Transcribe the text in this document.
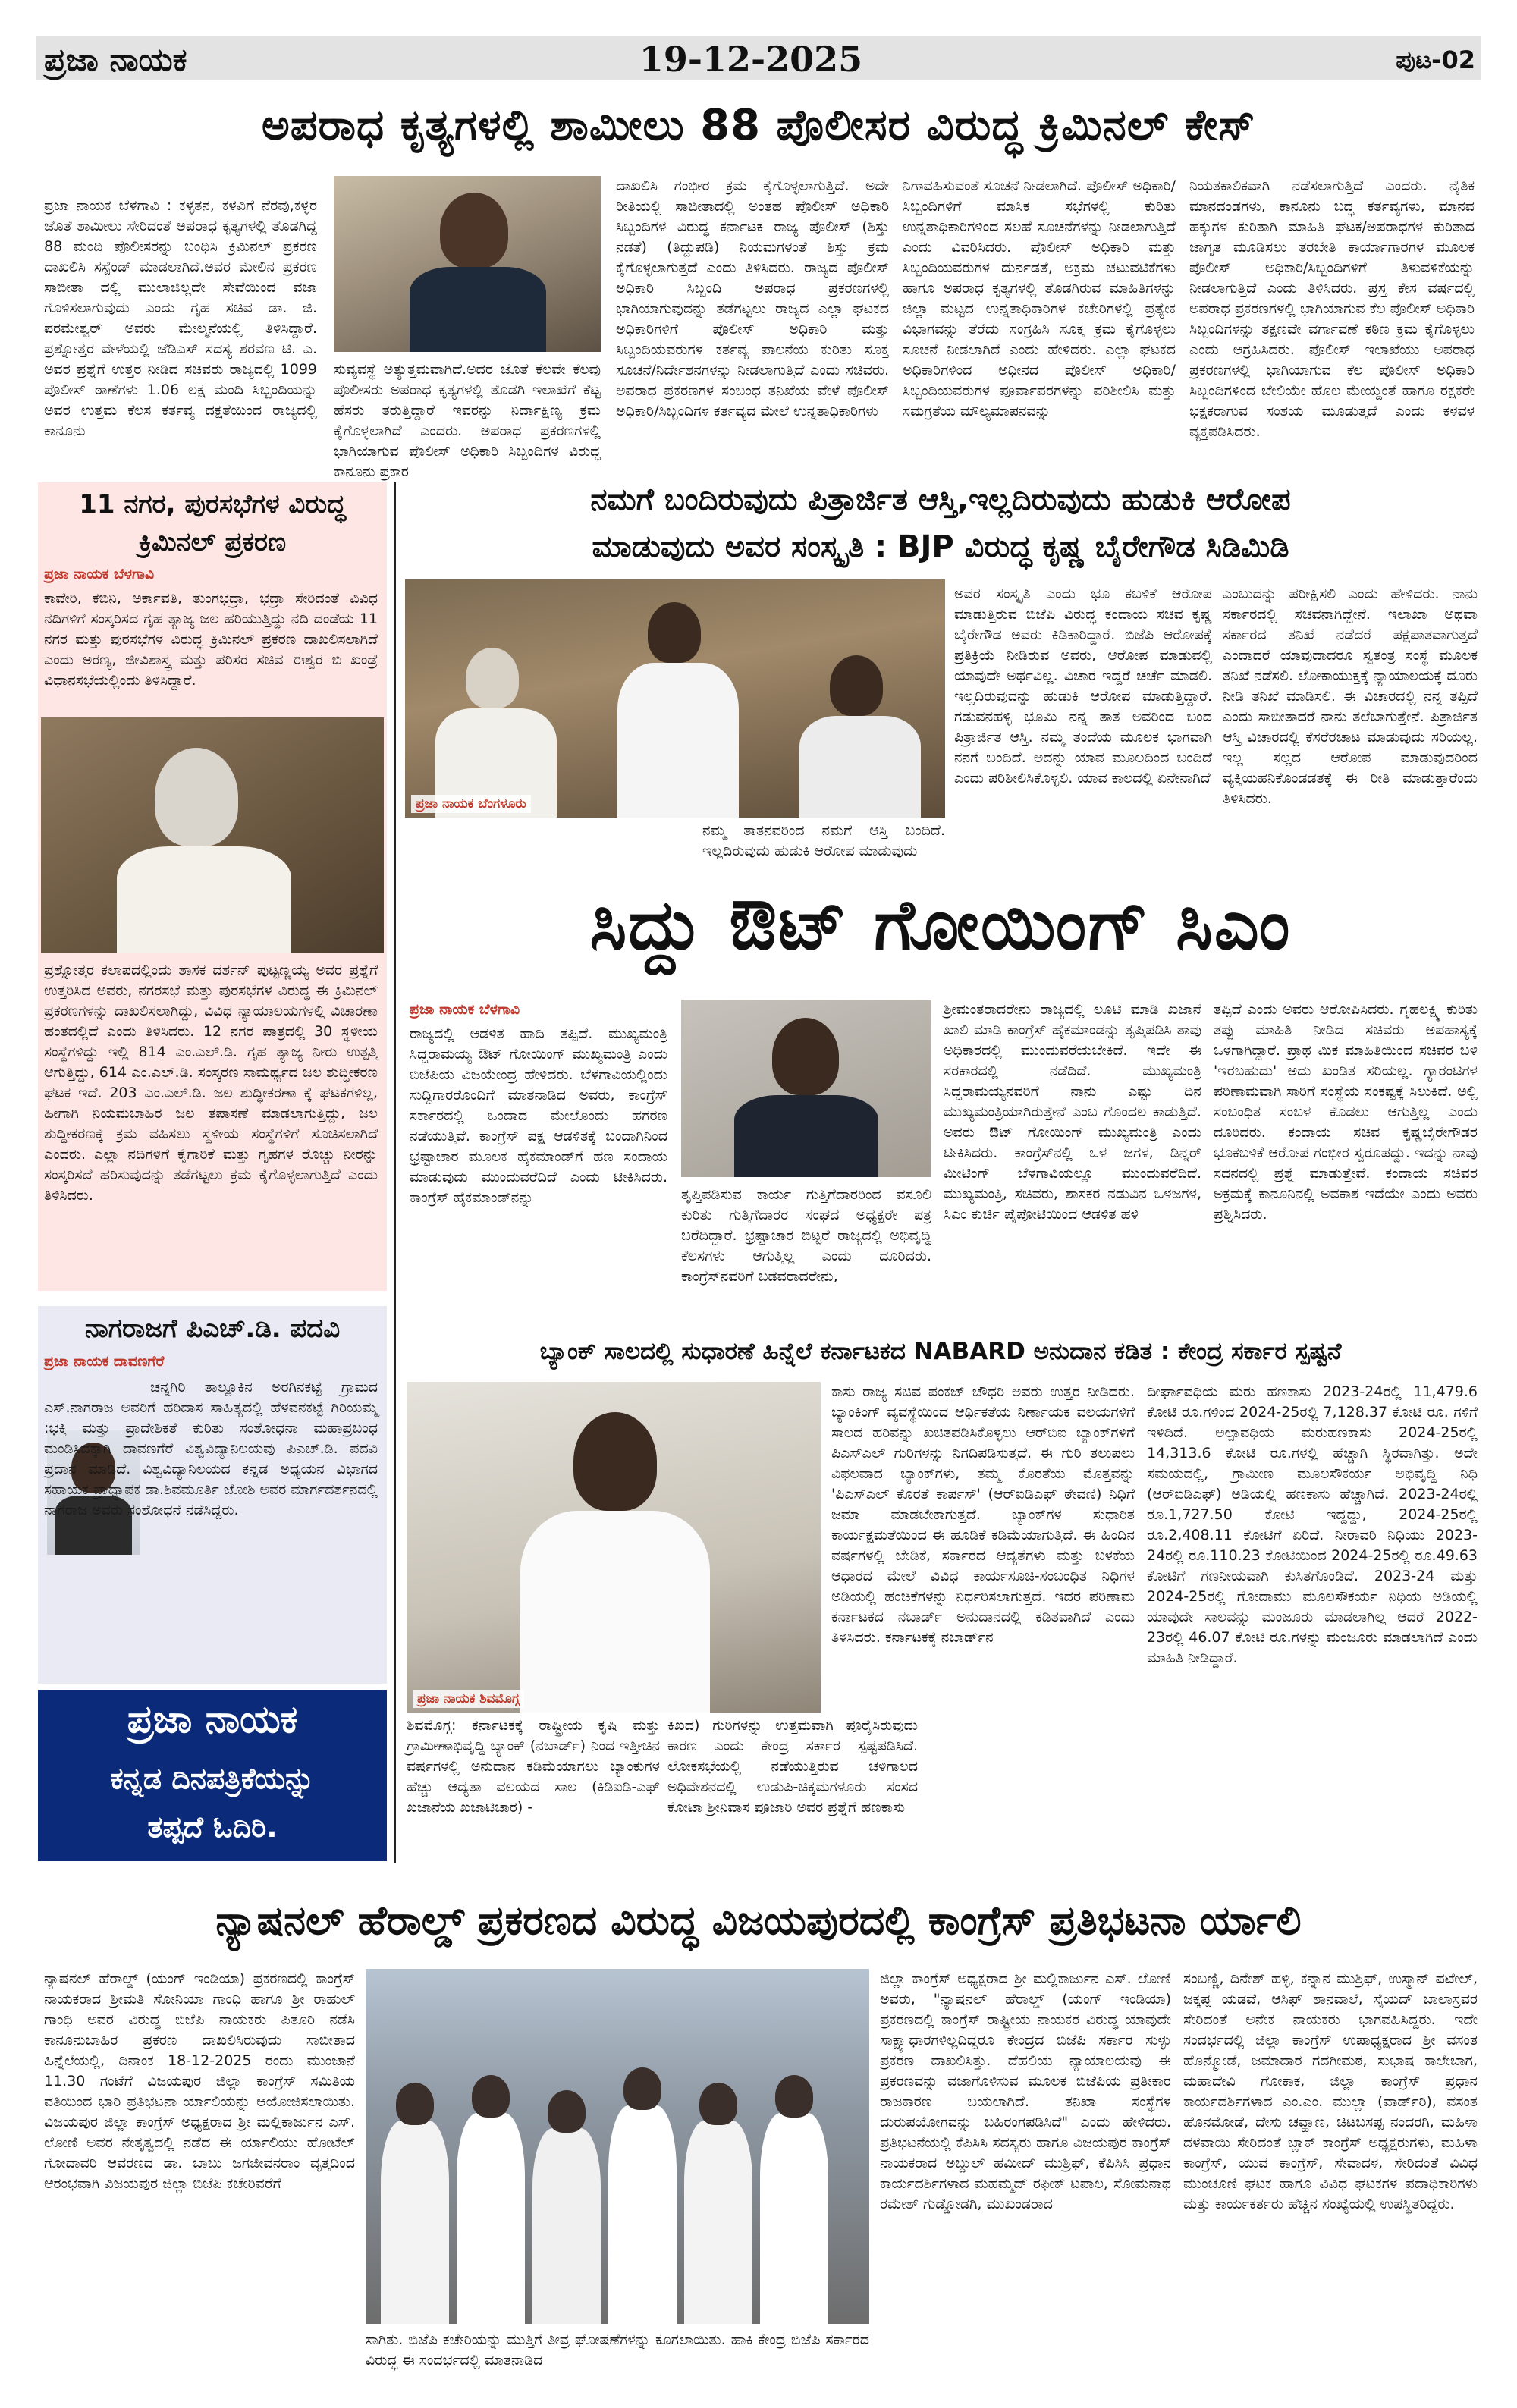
ಪ್ರಜಾ ನಾಯಕ	19-12-2025	ಪುಟ-02
ಅಪರಾಧ ಕೃತ್ಯಗಳಲ್ಲಿ ಶಾಮೀಲು 88 ಪೊಲೀಸರ ವಿರುದ್ಧ ಕ್ರಿಮಿನಲ್ ಕೇಸ್
ಪ್ರಜಾ ನಾಯಕ ಬೆಳಗಾವಿ : ಕಳ್ಳತನ, ಕಳವಿಗೆ ನೆರವು,ಕಳ್ಳರ ಜೊತೆ ಶಾಮೀಲು ಸೇರಿದಂತೆ ಅಪರಾಧ ಕೃತ್ಯಗಳಲ್ಲಿ ತೊಡಗಿದ್ದ 88 ಮಂದಿ ಪೊಲೀಸರನ್ನು ಬಂಧಿಸಿ ಕ್ರಿಮಿನಲ್ ಪ್ರಕರಣ ದಾಖಲಿಸಿ ಸಸ್ಪೆಂಡ್ ಮಾಡಲಾಗಿದೆ.ಅವರ ಮೇಲಿನ ಪ್ರಕರಣ ಸಾಬೀತಾ ದಲ್ಲಿ ಮುಲಾಜಿಲ್ಲದೇ ಸೇವೆಯಿಂದ ವಜಾ ಗೊಳಿಸಲಾಗುವುದು ಎಂದು ಗೃಹ ಸಚಿವ ಡಾ. ಜಿ. ಪರಮೇಶ್ವರ್ ಅವರು ಮೇಲ್ಮನೆಯಲ್ಲಿ ತಿಳಿಸಿದ್ದಾರೆ. ಪ್ರಶ್ನೋತ್ತರ ವೇಳೆಯಲ್ಲಿ ಜೆಡಿಎಸ್ ಸದಸ್ಯ ಶರವಣ ಟಿ. ಎ. ಅವರ ಪ್ರಶ್ನೆಗೆ ಉತ್ತರ ನೀಡಿದ ಸಚಿವರು ರಾಜ್ಯದಲ್ಲಿ 1099 ಪೊಲೀಸ್ ಠಾಣೆಗಳು 1.06 ಲಕ್ಷ ಮಂದಿ ಸಿಬ್ಬಂದಿಯನ್ನು ಅವರ ಉತ್ತಮ ಕೆಲಸ ಕರ್ತವ್ಯ ದಕ್ಷತೆಯಿಂದ ರಾಜ್ಯದಲ್ಲಿ ಕಾನೂನು
ಸುವ್ಯವಸ್ಥೆ ಅತ್ಯುತ್ತಮವಾಗಿದೆ.ಅದರ ಜೊತೆ ಕೆಲವೇ ಕೆಲವು ಪೊಲೀಸರು ಅಪರಾಧ ಕೃತ್ಯಗಳಲ್ಲಿ ತೊಡಗಿ ಇಲಾಖೆಗೆ ಕೆಟ್ಟ ಹೆಸರು ತರುತ್ತಿದ್ದಾರೆ ಇವರನ್ನು ನಿರ್ದಾಕ್ಷಿಣ್ಯ ಕ್ರಮ ಕೈಗೊಳ್ಳಲಾಗಿದೆ ಎಂದರು. ಅಪರಾಧ ಪ್ರಕರಣಗಳಲ್ಲಿ ಭಾಗಿಯಾಗುವ ಪೊಲೀಸ್ ಅಧಿಕಾರಿ ಸಿಬ್ಬಂದಿಗಳ ವಿರುದ್ಧ ಕಾನೂನು ಪ್ರಕಾರ
ದಾಖಲಿಸಿ ಗಂಭೀರ ಕ್ರಮ ಕೈಗೊಳ್ಳಲಾಗುತ್ತಿದೆ. ಅದೇ ರೀತಿಯಲ್ಲಿ ಸಾಬೀತಾದಲ್ಲಿ ಅಂತಹ ಪೊಲೀಸ್ ಅಧಿಕಾರಿ ಸಿಬ್ಬಂದಿಗಳ ವಿರುದ್ಧ ಕರ್ನಾಟಕ ರಾಜ್ಯ ಪೊಲೀಸ್ (ಶಿಸ್ತು ನಡತೆ) (ತಿದ್ದುಪಡಿ) ನಿಯಮಗಳಂತೆ ಶಿಸ್ತು ಕ್ರಮ ಕೈಗೊಳ್ಳಲಾಗುತ್ತದೆ ಎಂದು ತಿಳಿಸಿದರು. ರಾಜ್ಯದ ಪೊಲೀಸ್ ಅಧಿಕಾರಿ ಸಿಬ್ಬಂದಿ ಅಪರಾಧ ಪ್ರಕರಣಗಳಲ್ಲಿ ಭಾಗಿಯಾಗುವುದನ್ನು ತಡೆಗಟ್ಟಲು ರಾಜ್ಯದ ಎಲ್ಲಾ ಘಟಕದ ಅಧಿಕಾರಿಗಳಿಗೆ ಪೊಲೀಸ್ ಅಧಿಕಾರಿ ಮತ್ತು ಸಿಬ್ಬಂದಿಯವರುಗಳ ಕರ್ತವ್ಯ ಪಾಲನೆಯ ಕುರಿತು ಸೂಕ್ತ ಸೂಚನೆ/ನಿರ್ದೇಶನಗಳನ್ನು ನೀಡಲಾಗುತ್ತಿದೆ ಎಂದು ಸಚಿವರು. ಅಪರಾಧ ಪ್ರಕರಣಗಳ ಸಂಬಂಧ ತನಿಖೆಯ ವೇಳೆ ಪೊಲೀಸ್ ಅಧಿಕಾರಿ/ಸಿಬ್ಬಂದಿಗಳ ಕರ್ತವ್ಯದ ಮೇಲೆ ಉನ್ನತಾಧಿಕಾರಿಗಳು
ನಿಗಾವಹಿಸುವಂತೆ ಸೂಚನೆ ನೀಡಲಾಗಿದೆ. ಪೊಲೀಸ್ ಅಧಿಕಾರಿ/ಸಿಬ್ಬಂದಿಗಳಿಗೆ ಮಾಸಿಕ ಸಭೆಗಳಲ್ಲಿ ಕುರಿತು ಉನ್ನತಾಧಿಕಾರಿಗಳಿಂದ ಸಲಹೆ ಸೂಚನೆಗಳನ್ನು ನೀಡಲಾಗುತ್ತಿದೆ ಎಂದು ವಿವರಿಸಿದರು. ಪೊಲೀಸ್ ಅಧಿಕಾರಿ ಮತ್ತು ಸಿಬ್ಬಂದಿಯವರುಗಳ ದುರ್ನಡತೆ, ಅಕ್ರಮ ಚಟುವಟಿಕೆಗಳು ಹಾಗೂ ಅಪರಾಧ ಕೃತ್ಯಗಳಲ್ಲಿ ತೊಡಗಿರುವ ಮಾಹಿತಿಗಳನ್ನು ಜಿಲ್ಲಾ ಮಟ್ಟದ ಉನ್ನತಾಧಿಕಾರಿಗಳ ಕಚೇರಿಗಳಲ್ಲಿ ಪ್ರತ್ಯೇಕ ವಿಭಾಗವನ್ನು ತೆರೆದು ಸಂಗ್ರಹಿಸಿ ಸೂಕ್ತ ಕ್ರಮ ಕೈಗೊಳ್ಳಲು ಸೂಚನೆ ನೀಡಲಾಗಿದೆ ಎಂದು ಹೇಳಿದರು. ಎಲ್ಲಾ ಘಟಕದ ಅಧಿಕಾರಿಗಳಿಂದ ಅಧೀನದ ಪೊಲೀಸ್ ಅಧಿಕಾರಿ/ಸಿಬ್ಬಂದಿಯವರುಗಳ ಪೂರ್ವಾಪರಗಳನ್ನು ಪರಿಶೀಲಿಸಿ ಮತ್ತು ಸಮಗ್ರತೆಯ ಮೌಲ್ಯಮಾಪನವನ್ನು
ನಿಯತಕಾಲಿಕವಾಗಿ ನಡೆಸಲಾಗುತ್ತಿದೆ ಎಂದರು. ನೈತಿಕ ಮಾನದಂಡಗಳು, ಕಾನೂನು ಬದ್ಧ ಕರ್ತವ್ಯಗಳು, ಮಾನವ ಹಕ್ಕುಗಳ ಕುರಿತಾಗಿ ಮಾಹಿತಿ ಘಟಕ/ಅಪರಾಧಗಳ ಕುರಿತಾದ ಜಾಗೃತ ಮೂಡಿಸಲು ತರಬೇತಿ ಕಾರ್ಯಾಗಾರಗಳ ಮೂಲಕ ಪೊಲೀಸ್ ಅಧಿಕಾರಿ/ಸಿಬ್ಬಂದಿಗಳಿಗೆ ತಿಳುವಳಿಕೆಯನ್ನು ನೀಡಲಾಗುತ್ತಿದೆ ಎಂದು ತಿಳಿಸಿದರು. ಪ್ರಸ್ತ ಕೇಸ ವರ್ಷದಲ್ಲಿ ಅಪರಾಧ ಪ್ರಕರಣಗಳಲ್ಲಿ ಭಾಗಿಯಾಗುವ ಕೆಲ ಪೊಲೀಸ್ ಅಧಿಕಾರಿ ಸಿಬ್ಬಂದಿಗಳನ್ನು ತಕ್ಷಣವೇ ವರ್ಗಾವಣೆ ಕಠಿಣ ಕ್ರಮ ಕೈಗೊಳ್ಳಲು ಎಂದು ಆಗ್ರಹಿಸಿದರು. ಪೊಲೀಸ್ ಇಲಾಖೆಯು ಅಪರಾಧ ಪ್ರಕರಣಗಳಲ್ಲಿ ಭಾಗಿಯಾಗುವ ಕೆಲ ಪೊಲೀಸ್ ಅಧಿಕಾರಿ ಸಿಬ್ಬಂದಿಗಳಿಂದ ಬೇಲಿಯೇ ಹೊಲ ಮೇಯ್ದಂತೆ ಹಾಗೂ ರಕ್ಷಕರೇ ಭಕ್ಷಕರಾಗುವ ಸಂಶಯ ಮೂಡುತ್ತದೆ ಎಂದು ಕಳವಳ ವ್ಯಕ್ತಪಡಿಸಿದರು.
11 ನಗರ, ಪುರಸಭೆಗಳ ವಿರುದ್ಧ
ಕ್ರಿಮಿನಲ್ ಪ್ರಕರಣ
ಪ್ರಜಾ ನಾಯಕ ಬೆಳಗಾವಿ
ಕಾವೇರಿ, ಕಬಿನಿ, ಅರ್ಕಾವತಿ, ತುಂಗಭದ್ರಾ, ಭದ್ರಾ ಸೇರಿದಂತೆ ವಿವಿಧ ನದಿಗಳಿಗೆ ಸಂಸ್ಕರಿಸದ ಗೃಹ ತ್ಯಾಜ್ಯ ಜಲ ಹರಿಯುತ್ತಿದ್ದು ನದಿ ದಂಡೆಯ 11 ನಗರ ಮತ್ತು ಪುರಸಭೆಗಳ ವಿರುದ್ಧ ಕ್ರಿಮಿನಲ್ ಪ್ರಕರಣ ದಾಖಲಿಸಲಾಗಿದೆ ಎಂದು ಅರಣ್ಯ, ಜೀವಿಶಾಸ್ತ್ರ ಮತ್ತು ಪರಿಸರ ಸಚಿವ ಈಶ್ವರ ಬಿ ಖಂಡ್ರೆ ವಿಧಾನಸಭೆಯಲ್ಲಿಂದು ತಿಳಿಸಿದ್ದಾರೆ.
ಪ್ರಶ್ನೋತ್ತರ ಕಲಾಪದಲ್ಲಿಂದು ಶಾಸಕ ದರ್ಶನ್ ಪುಟ್ಟಣ್ಣಯ್ಯ ಅವರ ಪ್ರಶ್ನೆಗೆ ಉತ್ತರಿಸಿದ ಅವರು, ನಗರಸಭೆ ಮತ್ತು ಪುರಸಭೆಗಳ ವಿರುದ್ಧ ಈ ಕ್ರಿಮಿನಲ್ ಪ್ರಕರಣಗಳನ್ನು ದಾಖಲಿಸಲಾಗಿದ್ದು, ವಿವಿಧ ನ್ಯಾಯಾಲಯಗಳಲ್ಲಿ ವಿಚಾರಣಾ ಹಂತದಲ್ಲಿದೆ ಎಂದು ತಿಳಿಸಿದರು. 12 ನಗರ ಪಾತ್ರದಲ್ಲಿ 30 ಸ್ಥಳೀಯ ಸಂಸ್ಥೆಗಳಿದ್ದು ಇಲ್ಲಿ 814 ಎಂ.ಎಲ್.ಡಿ. ಗೃಹ ತ್ಯಾಜ್ಯ ನೀರು ಉತ್ಪತ್ತಿ ಆಗುತ್ತಿದ್ದು, 614 ಎಂ.ಎಲ್.ಡಿ. ಸಂಸ್ಕರಣ ಸಾಮರ್ಥ್ಯದ ಜಲ ಶುದ್ಧೀಕರಣ ಘಟಕ ಇದೆ. 203 ಎಂ.ಎಲ್.ಡಿ. ಜಲ ಶುದ್ಧೀಕರಣಾ ಕ್ಕೆ ಘಟಕಗಳಿಲ್ಲ, ಹೀಗಾಗಿ ನಿಯಮಬಾಹಿರ ಜಲ ತಪಾಸಣೆ ಮಾಡಲಾಗುತ್ತಿದ್ದು, ಜಲ ಶುದ್ಧೀಕರಣಕ್ಕೆ ಕ್ರಮ ವಹಿಸಲು ಸ್ಥಳೀಯ ಸಂಸ್ಥೆಗಳಿಗೆ ಸೂಚಿಸಲಾಗಿದೆ ಎಂದರು. ಎಲ್ಲಾ ನದಿಗಳಿಗೆ ಕೈಗಾರಿಕೆ ಮತ್ತು ಗೃಹಗಳ ರೊಚ್ಚು ನೀರನ್ನು ಸಂಸ್ಕರಿಸದೆ ಹರಿಸುವುದನ್ನು ತಡೆಗಟ್ಟಲು ಕ್ರಮ ಕೈಗೊಳ್ಳಲಾಗುತ್ತಿದೆ ಎಂದು ತಿಳಿಸಿದರು.
ನಾಗರಾಜಗೆ ಪಿಎಚ್.ಡಿ. ಪದವಿ
ಪ್ರಜಾ ನಾಯಕ ದಾವಣಗೆರೆ
ಚನ್ನಗಿರಿ ತಾಲ್ಲೂಕಿನ ಅರಗಿನಕಟ್ಟೆ ಗ್ರಾಮದ ಎಸ್.ನಾಗರಾಜ ಅವರಿಗೆ ಹರಿದಾಸ ಸಾಹಿತ್ಯದಲ್ಲಿ ಹೆಳವನಕಟ್ಟೆ ಗಿರಿಯಮ್ಮ :ಭಕ್ತಿ ಮತ್ತು ಪ್ರಾದೇಶಿಕತೆ ಕುರಿತು ಸಂಶೋಧನಾ ಮಹಾಪ್ರಬಂಧ ಮಂಡಿಸಿದಕ್ಕಾಗಿ ದಾವಣಗೆರೆ ವಿಶ್ವವಿದ್ಯಾನಿಲಯವು ಪಿಎಚ್.ಡಿ. ಪದವಿ ಪ್ರದಾನ ಮಾಡಿದೆ. ವಿಶ್ವವಿದ್ಯಾನಿಲಯದ ಕನ್ನಡ ಅಧ್ಯಯನ ವಿಭಾಗದ ಸಹಾಯಕ ಪ್ರಾಧ್ಯಾಪಕ ಡಾ.ಶಿವಮೂರ್ತಿ ಜೋಶಿ ಅವರ ಮಾರ್ಗದರ್ಶನದಲ್ಲಿ ನಾಗರಾಜ ಅವರು ಸಂಶೋಧನೆ ನಡೆಸಿದ್ದರು.
ಪ್ರಜಾ ನಾಯಕ
ಕನ್ನಡ ದಿನಪತ್ರಿಕೆಯನ್ನು
ತಪ್ಪದೆ ಓದಿರಿ.
ನಮಗೆ ಬಂದಿರುವುದು ಪಿತ್ರಾರ್ಜಿತ ಆಸ್ತಿ,ಇಲ್ಲದಿರುವುದು ಹುಡುಕಿ ಆರೋಪ
ಮಾಡುವುದು ಅವರ ಸಂಸ್ಕೃತಿ : BJP ವಿರುದ್ಧ ಕೃಷ್ಣ ಬೈರೇಗೌಡ ಸಿಡಿಮಿಡಿ
ಪ್ರಜಾ ನಾಯಕ ಬೆಂಗಳೂರು
ನಮ್ಮ ತಾತನವರಿಂದ ನಮಗೆ ಆಸ್ತಿ ಬಂದಿದೆ. ಇಲ್ಲದಿರುವುದು ಹುಡುಕಿ ಆರೋಪ ಮಾಡುವುದು
ಅವರ ಸಂಸ್ಕೃತಿ ಎಂದು ಭೂ ಕಬಳಿಕೆ ಆರೋಪ ಮಾಡುತ್ತಿರುವ ಬಿಜೆಪಿ ವಿರುದ್ಧ ಕಂದಾಯ ಸಚಿವ ಕೃಷ್ಣ ಬೈರೇಗೌಡ ಅವರು ಕಿಡಿಕಾರಿದ್ದಾರೆ. ಬಿಜೆಪಿ ಆರೋಪಕ್ಕೆ ಪ್ರತಿಕ್ರಿಯೆ ನೀಡಿರುವ ಅವರು, ಆರೋಪ ಮಾಡುವಲ್ಲಿ ಯಾವುದೇ ಅರ್ಥವಿಲ್ಲ. ವಿಚಾರ ಇದ್ದರೆ ಚರ್ಚೆ ಮಾಡಲಿ. ಇಲ್ಲದಿರುವುದನ್ನು ಹುಡುಕಿ ಆರೋಪ ಮಾಡುತ್ತಿದ್ದಾರೆ. ಗಡುವನಹಳ್ಳಿ ಭೂಮಿ ನನ್ನ ತಾತ ಅವರಿಂದ ಬಂದ ಪಿತ್ರಾರ್ಜಿತ ಆಸ್ತಿ. ನಮ್ಮ ತಂದೆಯ ಮೂಲಕ ಭಾಗವಾಗಿ ನನಗೆ ಬಂದಿದೆ. ಅದನ್ನು ಯಾವ ಮೂಲದಿಂದ ಬಂದಿದೆ ಎಂದು ಪರಿಶೀಲಿಸಿಕೊಳ್ಳಲಿ. ಯಾವ ಕಾಲದಲ್ಲಿ ಏನೇನಾಗಿದೆ
ಎಂಬುದನ್ನು ಪರೀಕ್ಷಿಸಲಿ ಎಂದು ಹೇಳಿದರು. ನಾನು ಸರ್ಕಾರದಲ್ಲಿ ಸಚಿವನಾಗಿದ್ದೇನೆ. ಇಲಾಖಾ ಅಥವಾ ಸರ್ಕಾರದ ತನಿಖೆ ನಡೆದರೆ ಪಕ್ಷಪಾತವಾಗುತ್ತದೆ ಎಂದಾದರೆ ಯಾವುದಾದರೂ ಸ್ವತಂತ್ರ ಸಂಸ್ಥೆ ಮೂಲಕ ತನಿಖೆ ನಡೆಸಲಿ. ಲೋಕಾಯುಕ್ತಕ್ಕೆ ನ್ಯಾಯಾಲಯಕ್ಕೆ ದೂರು ನೀಡಿ ತನಿಖೆ ಮಾಡಿಸಲಿ. ಈ ವಿಚಾರದಲ್ಲಿ ನನ್ನ ತಪ್ಪಿದೆ ಎಂದು ಸಾಬೀತಾದರೆ ನಾನು ತಲೆಬಾಗುತ್ತೇನೆ. ಪಿತ್ರಾರ್ಜಿತ ಆಸ್ತಿ ವಿಚಾರದಲ್ಲಿ ಕೆಸರೆರಚಾಟ ಮಾಡುವುದು ಸರಿಯಲ್ಲ. ಇಲ್ಲ ಸಲ್ಲದ ಆರೋಪ ಮಾಡುವುದರಿಂದ ವ್ಯಕ್ತಿಯಹನಿಕೊಂಡಡತಕ್ಕೆ ಈ ರೀತಿ ಮಾಡುತ್ತಾರೆಂದು ತಿಳಿಸಿದರು.
ಸಿದ್ದು ಔಟ್ ಗೋಯಿಂಗ್ ಸಿಎಂ
ಪ್ರಜಾ ನಾಯಕ ಬೆಳಗಾವಿ
ರಾಜ್ಯದಲ್ಲಿ ಆಡಳಿತ ಹಾದಿ ತಪ್ಪಿದೆ. ಮುಖ್ಯಮಂತ್ರಿ ಸಿದ್ದರಾಮಯ್ಯ ಔಟ್ ಗೋಯಿಂಗ್ ಮುಖ್ಯಮಂತ್ರಿ ಎಂದು ಬಿಜೆಪಿಯ ವಿಜಯೇಂದ್ರ ಹೇಳಿದರು. ಬೆಳಗಾವಿಯಲ್ಲಿಂದು ಸುದ್ದಿಗಾರರೊಂದಿಗೆ ಮಾತನಾಡಿದ ಅವರು, ಕಾಂಗ್ರೆಸ್ ಸರ್ಕಾರದಲ್ಲಿ ಒಂದಾದ ಮೇಲೊಂದು ಹಗರಣ ನಡೆಯುತ್ತಿವೆ. ಕಾಂಗ್ರೆಸ್ ಪಕ್ಷ ಆಡಳಿತಕ್ಕೆ ಬಂದಾಗಿನಿಂದ ಭ್ರಷ್ಟಾಚಾರ ಮೂಲಕ ಹೈಕಮಾಂಡ್‌ಗೆ ಹಣ ಸಂದಾಯ ಮಾಡುವುದು ಮುಂದುವರೆದಿದೆ ಎಂದು ಟೀಕಿಸಿದರು. ಕಾಂಗ್ರೆಸ್ ಹೈಕಮಾಂಡ್‌ನನ್ನು	ತೃಪ್ತಿಪಡಿಸುವ ಕಾರ್ಯ ಗುತ್ತಿಗೆದಾರರಿಂದ ವಸೂಲಿ ಕುರಿತು ಗುತ್ತಿಗೆದಾರರ ಸಂಘದ ಅಧ್ಯಕ್ಷರೇ ಪತ್ರ ಬರೆದಿದ್ದಾರೆ. ಭ್ರಷ್ಟಾಚಾರ ಬಿಟ್ಟರೆ ರಾಜ್ಯದಲ್ಲಿ ಅಭಿವೃದ್ಧಿ ಕೆಲಸಗಳು ಆಗುತ್ತಿಲ್ಲ ಎಂದು ದೂರಿದರು. ಕಾಂಗ್ರೆಸ್‌ನವರಿಗೆ ಬಡವರಾದರೇನು,
ಶ್ರೀಮಂತರಾದರೇನು ರಾಜ್ಯದಲ್ಲಿ ಲೂಟಿ ಮಾಡಿ ಖಜಾನೆ ಖಾಲಿ ಮಾಡಿ ಕಾಂಗ್ರೆಸ್ ಹೈಕಮಾಂಡನ್ನು ತೃಪ್ತಿಪಡಿಸಿ ತಾವು ಅಧಿಕಾರದಲ್ಲಿ ಮುಂದುವರೆಯಬೇಕಿದೆ. ಇದೇ ಈ ಸರಕಾರದಲ್ಲಿ ನಡೆದಿದೆ. ಮುಖ್ಯಮಂತ್ರಿ ಸಿದ್ದರಾಮಯ್ಯನವರಿಗೆ ನಾನು ಎಷ್ಟು ದಿನ ಮುಖ್ಯಮಂತ್ರಿಯಾಗಿರುತ್ತೇನೆ ಎಂಬ ಗೊಂದಲ ಕಾಡುತ್ತಿದೆ. ಅವರು ಔಟ್ ಗೋಯಿಂಗ್ ಮುಖ್ಯಮಂತ್ರಿ ಎಂದು ಟೀಕಿಸಿದರು. ಕಾಂಗ್ರೆಸ್‌ನಲ್ಲಿ ಒಳ ಜಗಳ, ಡಿನ್ನರ್ ಮೀಟಿಂಗ್ ಬೆಳಗಾವಿಯಲ್ಲೂ ಮುಂದುವರೆದಿದೆ. ಮುಖ್ಯಮಂತ್ರಿ, ಸಚಿವರು, ಶಾಸಕರ ನಡುವಿನ ಒಳಜಗಳ, ಸಿಎಂ ಕುರ್ಚಿ ಪೈಪೋಟಿಯಿಂದ ಆಡಳಿತ ಹಳಿ
ತಪ್ಪಿದೆ ಎಂದು ಅವರು ಆರೋಪಿಸಿದರು. ಗೃಹಲಕ್ಷ್ಮಿ ಕುರಿತು ತಪ್ಪು ಮಾಹಿತಿ ನೀಡಿದ ಸಚಿವರು ಅಪಹಾಸ್ಯಕ್ಕೆ ಒಳಗಾಗಿದ್ದಾರೆ. ಪ್ರಾಥ ಮಿಕ ಮಾಹಿತಿಯಿಂದ ಸಚಿವರ ಬಳಿ 'ಇರಬಹುದು' ಅದು ಖಂಡಿತ ಸರಿಯಲ್ಲ. ಗ್ಯಾರಂಟಿಗಳ ಪರಿಣಾಮವಾಗಿ ಸಾರಿಗೆ ಸಂಸ್ಥೆಯ ಸಂಕಷ್ಟಕ್ಕೆ ಸಿಲುಕಿದೆ. ಅಲ್ಲಿ ಸಂಬಂಧಿತ ಸಂಬಳ ಕೊಡಲು ಆಗುತ್ತಿಲ್ಲ ಎಂದು ದೂರಿದರು. ಕಂದಾಯ ಸಚಿವ ಕೃಷ್ಣಬೈರೇಗೌಡರ ಭೂಕಬಳಿಕೆ ಆರೋಪ ಗಂಭೀರ ಸ್ವರೂಪದ್ದು. ಇದನ್ನು ನಾವು ಸದನದಲ್ಲಿ ಪ್ರಶ್ನೆ ಮಾಡುತ್ತೇವೆ. ಕಂದಾಯ ಸಚಿವರ ಅಕ್ರಮಕ್ಕೆ ಕಾನೂನಿನಲ್ಲಿ ಅವಕಾಶ ಇದೆಯೇ ಎಂದು ಅವರು ಪ್ರಶ್ನಿಸಿದರು.
ಬ್ಯಾಂಕ್ ಸಾಲದಲ್ಲಿ ಸುಧಾರಣೆ ಹಿನ್ನೆಲೆ ಕರ್ನಾಟಕದ NABARD ಅನುದಾನ ಕಡಿತ : ಕೇಂದ್ರ ಸರ್ಕಾರ ಸ್ಪಷ್ಟನೆ
ಪ್ರಜಾ ನಾಯಕ ಶಿವಮೊಗ್ಗ
ಶಿವಮೊಗ್ಗ: ಕರ್ನಾಟಕಕ್ಕೆ ರಾಷ್ಟ್ರೀಯ ಕೃಷಿ ಮತ್ತು ಗ್ರಾಮೀಣಾಭಿವೃದ್ಧಿ ಬ್ಯಾಂಕ್ (ನಬಾರ್ಡ್) ನಿಂದ ಇತ್ತೀಚಿನ ವರ್ಷಗಳಲ್ಲಿ ಅನುದಾನ ಕಡಿಮೆಯಾಗಲು ಬ್ಯಾಂಕುಗಳ ಹೆಚ್ಚು ಆದ್ಯತಾ ವಲಯದ ಸಾಲ (ಕಿಡಿಐಡಿ-ಎಫ್ ಖಜಾನೆಯ ಖಜಾಟಿಚಾರ) -
ಕಿಖದ) ಗುರಿಗಳನ್ನು ಉತ್ತಮವಾಗಿ ಪೂರೈಸಿರುವುದು ಕಾರಣ ಎಂದು ಕೇಂದ್ರ ಸರ್ಕಾರ ಸ್ಪಷ್ಟಪಡಿಸಿದೆ. ಲೋಕಸಭೆಯಲ್ಲಿ ನಡೆಯುತ್ತಿರುವ ಚಳಿಗಾಲದ ಅಧಿವೇಶನದಲ್ಲಿ ಉಡುಪಿ-ಚಿಕ್ಕಮಗಳೂರು ಸಂಸದ ಕೋಟಾ ಶ್ರೀನಿವಾಸ ಪೂಜಾರಿ ಅವರ ಪ್ರಶ್ನೆಗೆ ಹಣಕಾಸು
ಕಾಸು ರಾಜ್ಯ ಸಚಿವ ಪಂಕಜ್ ಚೌಧರಿ ಅವರು ಉತ್ತರ ನೀಡಿದರು. ಬ್ಯಾಂಕಿಂಗ್ ವ್ಯವಸ್ಥೆಯಿಂದ ಆರ್ಥಿಕತೆಯ ನಿರ್ಣಾಯಕ ವಲಯಗಳಿಗೆ ಸಾಲದ ಹರಿವನ್ನು ಖಚಿತಪಡಿಸಿಕೊಳ್ಳಲು ಆರ್‌ಬಿಐ ಬ್ಯಾಂಕ್‌ಗಳಿಗೆ ಪಿಎಸ್‌ಎಲ್ ಗುರಿಗಳನ್ನು ನಿಗದಿಪಡಿಸುತ್ತದೆ. ಈ ಗುರಿ ತಲುಪಲು ವಿಫಲವಾದ ಬ್ಯಾಂಕ್‌ಗಳು, ತಮ್ಮ ಕೊರತೆಯ ಮೊತ್ತವನ್ನು 'ಪಿಎಸ್‌ಎಲ್ ಕೊರತೆ ಕಾರ್ಪಸ್' (ಆರ್‌ಐಡಿಎಫ್ ಠೇವಣಿ) ನಿಧಿಗೆ ಜಮಾ ಮಾಡಬೇಕಾಗುತ್ತದೆ. ಬ್ಯಾಂಕ್‌ಗಳ ಸುಧಾರಿತ ಕಾರ್ಯಕ್ಷಮತೆಯಿಂದ ಈ ಹೂಡಿಕೆ ಕಡಿಮೆಯಾಗುತ್ತಿದೆ. ಈ ಹಿಂದಿನ ವರ್ಷಗಳಲ್ಲಿ ಬೇಡಿಕೆ, ಸರ್ಕಾರದ ಆದ್ಯತೆಗಳು ಮತ್ತು ಬಳಕೆಯ ಆಧಾರದ ಮೇಲೆ ವಿವಿಧ ಕಾರ್ಯಸೂಚಿ-ಸಂಬಂಧಿತ ನಿಧಿಗಳ ಅಡಿಯಲ್ಲಿ ಹಂಚಿಕೆಗಳನ್ನು ನಿರ್ಧರಿಸಲಾಗುತ್ತದೆ. ಇದರ ಪರಿಣಾಮ ಕರ್ನಾಟಕದ ನಬಾರ್ಡ್ ಅನುದಾನದಲ್ಲಿ ಕಡಿತವಾಗಿದೆ ಎಂದು ತಿಳಿಸಿದರು. ಕರ್ನಾಟಕಕ್ಕೆ ನಬಾರ್ಡ್‌ನ
ದೀರ್ಘಾವಧಿಯ ಮರು ಹಣಕಾಸು 2023-24ರಲ್ಲಿ 11,479.6 ಕೋಟಿ ರೂ.ಗಳಿಂದ 2024-25ರಲ್ಲಿ 7,128.37 ಕೋಟಿ ರೂ. ಗಳಿಗೆ ಇಳಿದಿದೆ. ಅಲ್ಪಾವಧಿಯ ಮರುಹಣಕಾಸು 2024-25ರಲ್ಲಿ 14,313.6 ಕೋಟಿ ರೂ.ಗಳಲ್ಲಿ ಹೆಚ್ಚಾಗಿ ಸ್ಥಿರವಾಗಿತ್ತು. ಅದೇ ಸಮಯದಲ್ಲಿ, ಗ್ರಾಮೀಣ ಮೂಲಸೌಕರ್ಯ ಅಭಿವೃದ್ಧಿ ನಿಧಿ (ಆರ್‌ಐಡಿಎಫ್) ಅಡಿಯಲ್ಲಿ ಹಣಕಾಸು ಹೆಚ್ಚಾಗಿದೆ. 2023-24ರಲ್ಲಿ ರೂ.1,727.50 ಕೋಟಿ ಇದ್ದದ್ದು, 2024-25ರಲ್ಲಿ ರೂ.2,408.11 ಕೋಟಿಗೆ ಏರಿದೆ. ನೀರಾವರಿ ನಿಧಿಯು 2023-24ರಲ್ಲಿ ರೂ.110.23 ಕೋಟಿಯಿಂದ 2024-25ರಲ್ಲಿ ರೂ.49.63 ಕೋಟಿಗೆ ಗಣನೀಯವಾಗಿ ಕುಸಿತಗೊಂಡಿದೆ. 2023-24 ಮತ್ತು 2024-25ರಲ್ಲಿ ಗೋದಾಮು ಮೂಲಸೌಕರ್ಯ ನಿಧಿಯ ಅಡಿಯಲ್ಲಿ ಯಾವುದೇ ಸಾಲವನ್ನು ಮಂಜೂರು ಮಾಡಲಾಗಿಲ್ಲ ಆದರೆ 2022-23ರಲ್ಲಿ 46.07 ಕೋಟಿ ರೂ.ಗಳನ್ನು ಮಂಜೂರು ಮಾಡಲಾಗಿದೆ ಎಂದು ಮಾಹಿತಿ ನೀಡಿದ್ದಾರೆ.
ನ್ಯಾಷನಲ್ ಹೆರಾಲ್ಡ್ ಪ್ರಕರಣದ ವಿರುದ್ಧ ವಿಜಯಪುರದಲ್ಲಿ ಕಾಂಗ್ರೆಸ್ ಪ್ರತಿಭಟನಾ ರ್ಯಾಲಿ
ನ್ಯಾಷನಲ್ ಹೆರಾಲ್ಡ್ (ಯಂಗ್ ಇಂಡಿಯಾ) ಪ್ರಕರಣದಲ್ಲಿ ಕಾಂಗ್ರೆಸ್ ನಾಯಕರಾದ ಶ್ರೀಮತಿ ಸೋನಿಯಾ ಗಾಂಧಿ ಹಾಗೂ ಶ್ರೀ ರಾಹುಲ್ ಗಾಂಧಿ ಅವರ ವಿರುದ್ಧ ಬಿಜೆಪಿ ನಾಯಕರು ಪಿತೂರಿ ನಡೆಸಿ ಕಾನೂನುಬಾಹಿರ ಪ್ರಕರಣ ದಾಖಲಿಸಿರುವುದು ಸಾಬೀತಾದ ಹಿನ್ನೆಲೆಯಲ್ಲಿ, ದಿನಾಂಕ 18-12-2025 ರಂದು ಮುಂಜಾನೆ 11.30 ಗಂಟೆಗೆ ವಿಜಯಪುರ ಜಿಲ್ಲಾ ಕಾಂಗ್ರೆಸ್ ಸಮಿತಿಯ ವತಿಯಿಂದ ಭಾರಿ ಪ್ರತಿಭಟನಾ ರ್ಯಾಲಿಯನ್ನು ಆಯೋಜಿಸಲಾಯಿತು. ವಿಜಯಪುರ ಜಿಲ್ಲಾ ಕಾಂಗ್ರೆಸ್ ಅಧ್ಯಕ್ಷರಾದ ಶ್ರೀ ಮಲ್ಲಿಕಾರ್ಜುನ ಎಸ್. ಲೋಣಿ ಅವರ ನೇತೃತ್ವದಲ್ಲಿ ನಡೆದ ಈ ರ್ಯಾಲಿಯು ಹೋಟೆಲ್ ಗೋದಾವರಿ ಆವರಣದ ಡಾ. ಬಾಬು ಜಗಜೀವನರಾಂ ವೃತ್ತದಿಂದ ಆರಂಭವಾಗಿ ವಿಜಯಪುರ ಜಿಲ್ಲಾ ಬಿಜೆಪಿ ಕಚೇರಿವರೆಗೆ
ಸಾಗಿತು. ಬಿಜೆಪಿ ಕಚೇರಿಯನ್ನು ಮುತ್ತಿಗೆ ತೀವ್ರ ಘೋಷಣೆಗಳನ್ನು ಕೂಗಲಾಯಿತು. ಹಾಕಿ ಕೇಂದ್ರ ಬಿಜೆಪಿ ಸರ್ಕಾರದ ವಿರುದ್ಧ ಈ ಸಂದರ್ಭದಲ್ಲಿ ಮಾತನಾಡಿದ
ಜಿಲ್ಲಾ ಕಾಂಗ್ರೆಸ್ ಅಧ್ಯಕ್ಷರಾದ ಶ್ರೀ ಮಲ್ಲಿಕಾರ್ಜುನ ಎಸ್. ಲೋಣಿ ಅವರು, "ನ್ಯಾಷನಲ್ ಹೆರಾಲ್ಡ್ (ಯಂಗ್ ಇಂಡಿಯಾ) ಪ್ರಕರಣದಲ್ಲಿ ಕಾಂಗ್ರೆಸ್ ರಾಷ್ಟ್ರೀಯ ನಾಯಕರ ವಿರುದ್ಧ ಯಾವುದೇ ಸಾಕ್ಷ್ಯಾಧಾರಗಳಿಲ್ಲದಿದ್ದರೂ ಕೇಂದ್ರದ ಬಿಜೆಪಿ ಸರ್ಕಾರ ಸುಳ್ಳು ಪ್ರಕರಣ ದಾಖಲಿಸಿತ್ತು. ದೆಹಲಿಯ ನ್ಯಾಯಾಲಯವು ಈ ಪ್ರಕರಣವನ್ನು ವಜಾಗೊಳಿಸುವ ಮೂಲಕ ಬಿಜೆಪಿಯ ಪ್ರತೀಕಾರ ರಾಜಕಾರಣ ಬಯಲಾಗಿದೆ. ತನಿಖಾ ಸಂಸ್ಥೆಗಳ ದುರುಪಯೋಗವನ್ನು ಬಹಿರಂಗಪಡಿಸಿದೆ" ಎಂದು ಹೇಳಿದರು. ಪ್ರತಿಭಟನೆಯಲ್ಲಿ ಕೆಪಿಸಿಸಿ ಸದಸ್ಯರು ಹಾಗೂ ವಿಜಯಪುರ ಕಾಂಗ್ರೆಸ್ ನಾಯಕರಾದ ಅಬ್ದುಲ್ ಹಮೀದ್ ಮುಶ್ರಿಫ್, ಕೆಪಿಸಿಸಿ ಪ್ರಧಾನ ಕಾರ್ಯದರ್ಶಿಗಳಾದ ಮಹಮ್ಮದ್ ರಫೀಕ್ ಟಪಾಲ, ಸೋಮನಾಥ ರಮೇಶ್ ಗುಡ್ಡೋಡಗಿ, ಮುಖಂಡರಾದ
ಸಂಬಣ್ಣಿ, ದಿನೇಶ್ ಹಳ್ಳಿ, ಕನ್ನಾನ ಮುಶ್ರಿಫ್, ಉಸ್ಮಾನ್ ಪಟೇಲ್, ಜಕ್ಕಪ್ಪ ಯಡವೆ, ಆಸಿಫ್ ಶಾನವಾಲೆ, ಸೈಯದ್ ಬಾಲಾಸ್ರವರ ಸೇರಿದಂತೆ ಅನೇಕ ನಾಯಕರು ಭಾಗವಹಿಸಿದ್ದರು. ಇದೇ ಸಂದರ್ಭದಲ್ಲಿ ಜಿಲ್ಲಾ ಕಾಂಗ್ರೆಸ್ ಉಪಾಧ್ಯಕ್ಷರಾದ ಶ್ರೀ ವಸಂತ ಹೊನ್ಮೋಡೆ, ಜಮಾದಾರ ಗದಗೀಮಠ, ಸುಭಾಷ ಕಾಲೇಬಾಗ, ಮಹಾದೇವಿ ಗೋಕಾಕ, ಜಿಲ್ಲಾ ಕಾಂಗ್ರೆಸ್ ಪ್ರಧಾನ ಕಾರ್ಯದರ್ಶಿಗಳಾದ ಎಂ.ಎಂ. ಮುಲ್ಲಾ (ವಾರ್ಡ್‌ರಿ), ವಸಂತ ಹೊನಮೋಡೆ, ದೇಸು ಚವ್ಹಾಣ, ಚಿಟಬಸಪ್ಪ ನಂದರಗಿ, ಮಹಿಳಾ ದಳವಾಯಿ ಸೇರಿದಂತೆ ಬ್ಲಾಕ್ ಕಾಂಗ್ರೆಸ್ ಅಧ್ಯಕ್ಷರುಗಳು, ಮಹಿಳಾ ಕಾಂಗ್ರೆಸ್, ಯುವ ಕಾಂಗ್ರೆಸ್, ಸೇವಾದಳ, ಸೇರಿದಂತೆ ವಿವಿಧ ಮುಂಚೂಣಿ ಘಟಕ ಹಾಗೂ ವಿವಿಧ ಘಟಕಗಳ ಪದಾಧಿಕಾರಿಗಳು ಮತ್ತು ಕಾರ್ಯಕರ್ತರು ಹೆಚ್ಚಿನ ಸಂಖ್ಯೆಯಲ್ಲಿ ಉಪಸ್ಥಿತರಿದ್ದರು.
